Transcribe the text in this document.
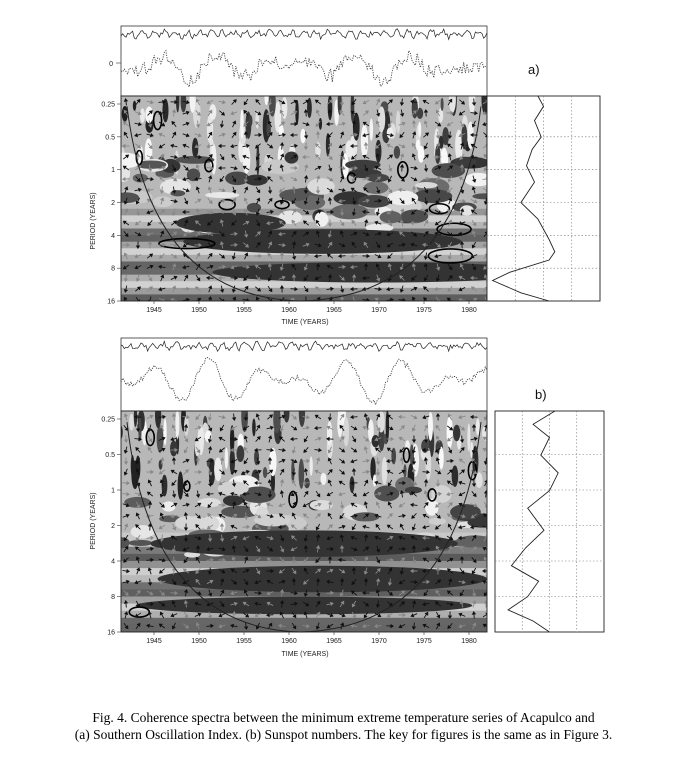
0
0.25
0.5
1
2
4
8
16
1945	1950	1955	1960	1965	1970	1975	1980
PERIOD (YEARS)
TIME (YEARS)
a)
0.25
0.5
1
2
4
8
16
1945	1950	1955	1960	1965	1970	1975	1980
PERIOD (YEARS)
TIME (YEARS)
b)
Fig. 4. Coherence spectra between the minimum extreme temperature series of Acapulco and
(a) Southern Oscillation Index. (b) Sunspot numbers. The key for figures is the same as in Figure 3.
